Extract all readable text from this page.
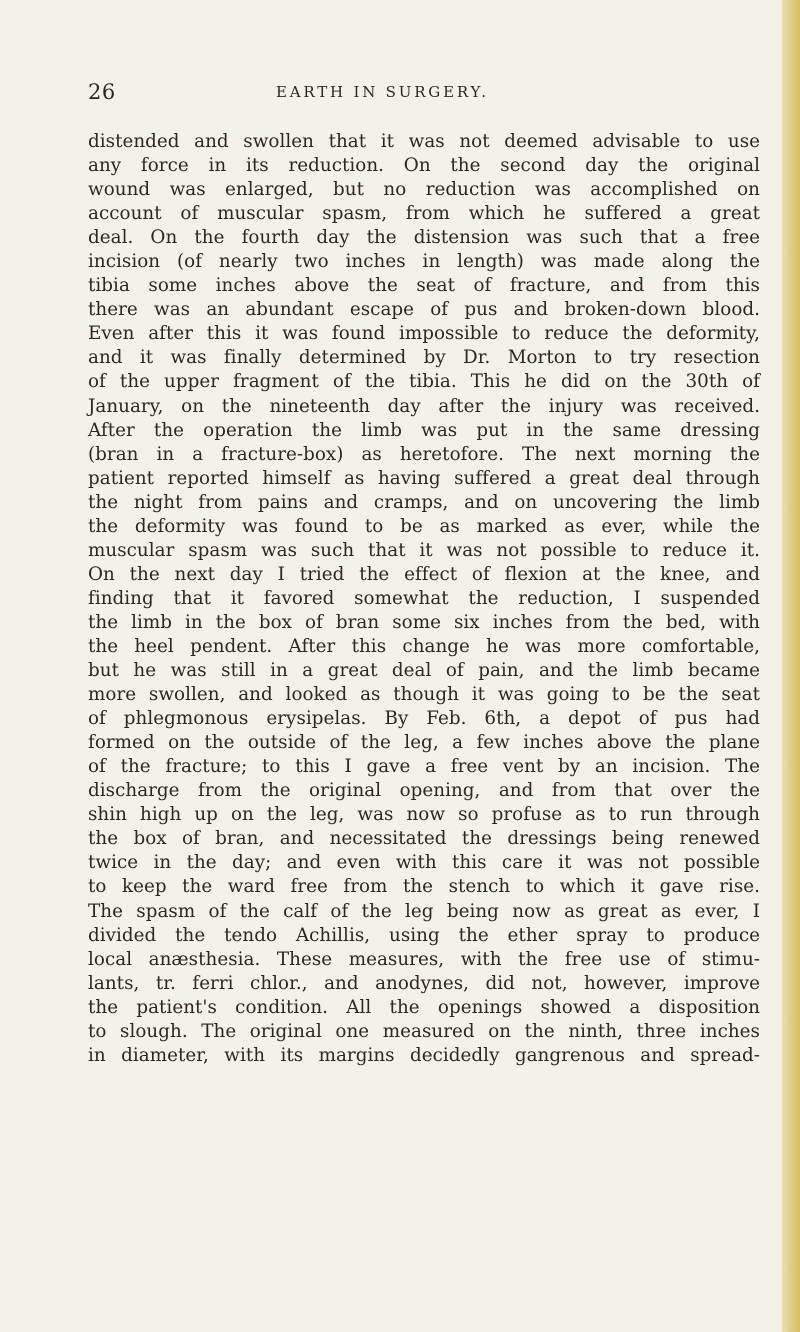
26	EARTH IN SURGERY.
distended and swollen that it was not deemed advisable to use
any force in its reduction. On the second day the original
wound was enlarged, but no reduction was accomplished on
account of muscular spasm, from which he suffered a great
deal. On the fourth day the distension was such that a free
incision (of nearly two inches in length) was made along the
tibia some inches above the seat of fracture, and from this
there was an abundant escape of pus and broken-down blood.
Even after this it was found impossible to reduce the deformity,
and it was finally determined by Dr. Morton to try resection
of the upper fragment of the tibia. This he did on the 30th of
January, on the nineteenth day after the injury was received.
After the operation the limb was put in the same dressing
(bran in a fracture-box) as heretofore. The next morning the
patient reported himself as having suffered a great deal through
the night from pains and cramps, and on uncovering the limb
the deformity was found to be as marked as ever, while the
muscular spasm was such that it was not possible to reduce it.
On the next day I tried the effect of flexion at the knee, and
finding that it favored somewhat the reduction, I suspended
the limb in the box of bran some six inches from the bed, with
the heel pendent. After this change he was more comfortable,
but he was still in a great deal of pain, and the limb became
more swollen, and looked as though it was going to be the seat
of phlegmonous erysipelas. By Feb. 6th, a depot of pus had
formed on the outside of the leg, a few inches above the plane
of the fracture; to this I gave a free vent by an incision. The
discharge from the original opening, and from that over the
shin high up on the leg, was now so profuse as to run through
the box of bran, and necessitated the dressings being renewed
twice in the day; and even with this care it was not possible
to keep the ward free from the stench to which it gave rise.
The spasm of the calf of the leg being now as great as ever, I
divided the tendo Achillis, using the ether spray to produce
local anæsthesia. These measures, with the free use of stimu-
lants, tr. ferri chlor., and anodynes, did not, however, improve
the patient's condition. All the openings showed a disposition
to slough. The original one measured on the ninth, three inches
in diameter, with its margins decidedly gangrenous and spread-
